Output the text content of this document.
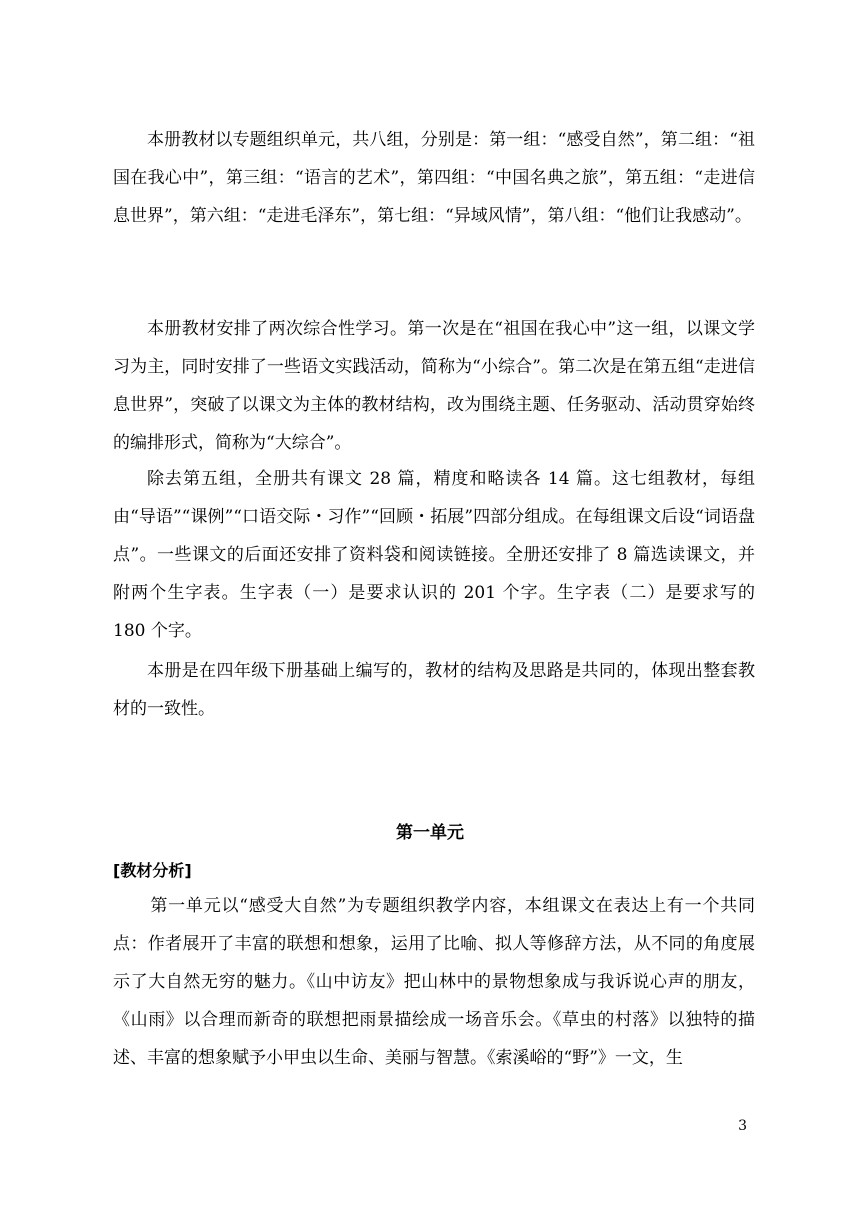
本册教材以专题组织单元，共八组，分别是：第一组：“感受自然”，第二组：“祖国在我心中”，第三组：“语言的艺术”，第四组：“中国名典之旅”，第五组：“走进信息世界”，第六组：“走进毛泽东”，第七组：“异域风情”，第八组：“他们让我感动”。

本册教材安排了两次综合性学习。第一次是在“祖国在我心中”这一组，以课文学习为主，同时安排了一些语文实践活动，简称为“小综合”。第二次是在第五组“走进信息世界”，突破了以课文为主体的教材结构，改为围绕主题、任务驱动、活动贯穿始终的编排形式，简称为“大综合”。

除去第五组，全册共有课文 28 篇，精度和略读各 14 篇。这七组教材，每组由“导语”“课例”“口语交际・习作”“回顾・拓展”四部分组成。在每组课文后设“词语盘点”。一些课文的后面还安排了资料袋和阅读链接。全册还安排了 8 篇选读课文，并附两个生字表。生字表（一）是要求认识的 201 个字。生字表（二）是要求写的 180 个字。

本册是在四年级下册基础上编写的，教材的结构及思路是共同的，体现出整套教材的一致性。

第一单元
[教材分析]

第一单元以“感受大自然”为专题组织教学内容，本组课文在表达上有一个共同点：作者展开了丰富的联想和想象，运用了比喻、拟人等修辞方法，从不同的角度展示了大自然无穷的魅力。《山中访友》把山林中的景物想象成与我诉说心声的朋友，《山雨》以合理而新奇的联想把雨景描绘成一场音乐会。《草虫的村落》以独特的描述、丰富的想象赋予小甲虫以生命、美丽与智慧。《索溪峪的“野”》一文，生

3
